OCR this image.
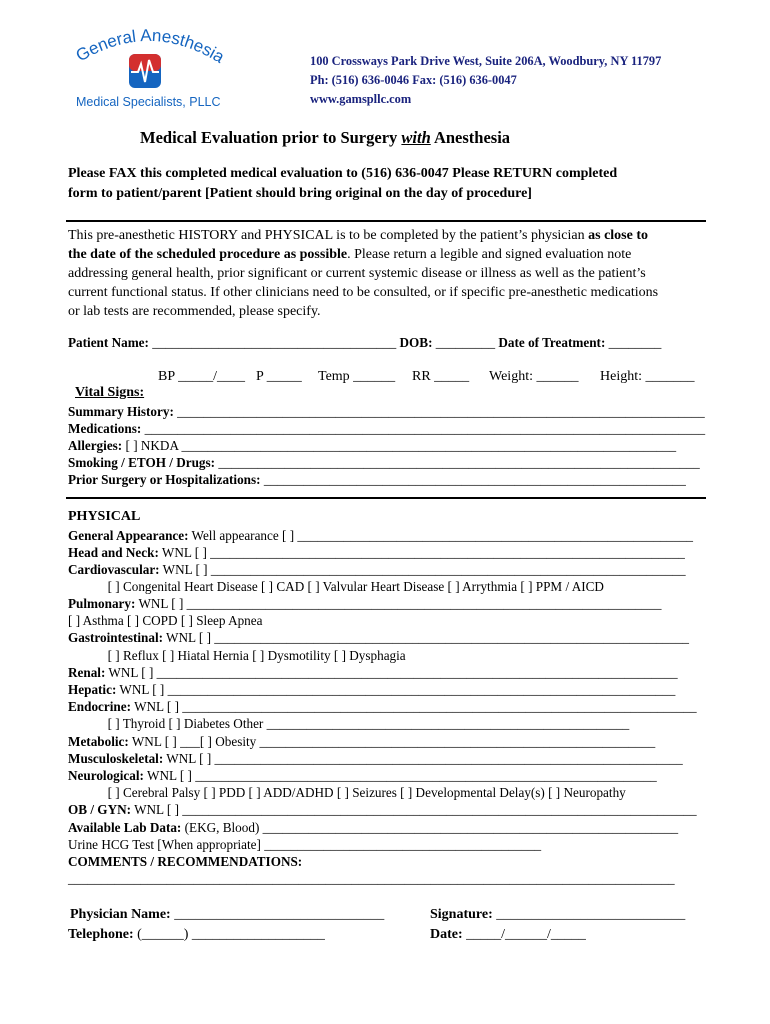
General Anesthesia
Medical Specialists, PLLC
100 Crossways Park Drive West, Suite 206A, Woodbury, NY 11797
Ph: (516) 636-0046 Fax: (516) 636-0047
www.gamspllc.com
Medical Evaluation prior to Surgery with Anesthesia
Please FAX this completed medical evaluation to (516) 636-0047 Please RETURN completed
form to patient/parent [Patient should bring original on the day of procedure]
This pre-anesthetic HISTORY and PHYSICAL is to be completed by the patient’s physician as close to
the date of the scheduled procedure as possible. Please return a legible and signed evaluation note
addressing general health, prior significant or current systemic disease or illness as well as the patient’s
current functional status. If other clinicians need to be consulted, or if specific pre-anesthetic medications
or lab tests are recommended, please specify.
Patient Name: _____________________________________ DOB: _________ Date of Treatment: ________

Vital Signs:

BP _____/____ P _____ Temp ______ RR _____ Weight: ______ Height: _______
Summary History: ________________________________________________________________________________
Medications: _____________________________________________________________________________________
Allergies: [ ] NKDA ___________________________________________________________________________
Smoking / ETOH / Drugs: _________________________________________________________________________
Prior Surgery or Hospitalizations: ________________________________________________________________
PHYSICAL
General Appearance: Well appearance [ ] ____________________________________________________________
Head and Neck: WNL [ ] ________________________________________________________________________
Cardiovascular: WNL [ ] ________________________________________________________________________
[ ] Congenital Heart Disease [ ] CAD [ ] Valvular Heart Disease [ ] Arrythmia [ ] PPM / AICD
Pulmonary: WNL [ ] ________________________________________________________________________
[ ] Asthma [ ] COPD [ ] Sleep Apnea
Gastrointestinal: WNL [ ] ________________________________________________________________________
[ ] Reflux [ ] Hiatal Hernia [ ] Dysmotility [ ] Dysphagia
Renal: WNL [ ] _______________________________________________________________________________
Hepatic: WNL [ ] _____________________________________________________________________________
Endocrine: WNL [ ] ______________________________________________________________________________
[ ] Thyroid [ ] Diabetes Other _______________________________________________________
Metabolic: WNL [ ] ___[ ] Obesity ____________________________________________________________
Musculoskeletal: WNL [ ] _______________________________________________________________________
Neurological: WNL [ ] ______________________________________________________________________
[ ] Cerebral Palsy [ ] PDD [ ] ADD/ADHD [ ] Seizures [ ] Developmental Delay(s) [ ] Neuropathy
OB / GYN: WNL [ ] ______________________________________________________________________________
Available Lab Data: (EKG, Blood) _______________________________________________________________
Urine HCG Test [When appropriate] __________________________________________
COMMENTS / RECOMMENDATIONS:
____________________________________________________________________________________________
Physician Name: ______________________________
Telephone: (______) ___________________
Signature: ___________________________
Date: _____/______/_____
